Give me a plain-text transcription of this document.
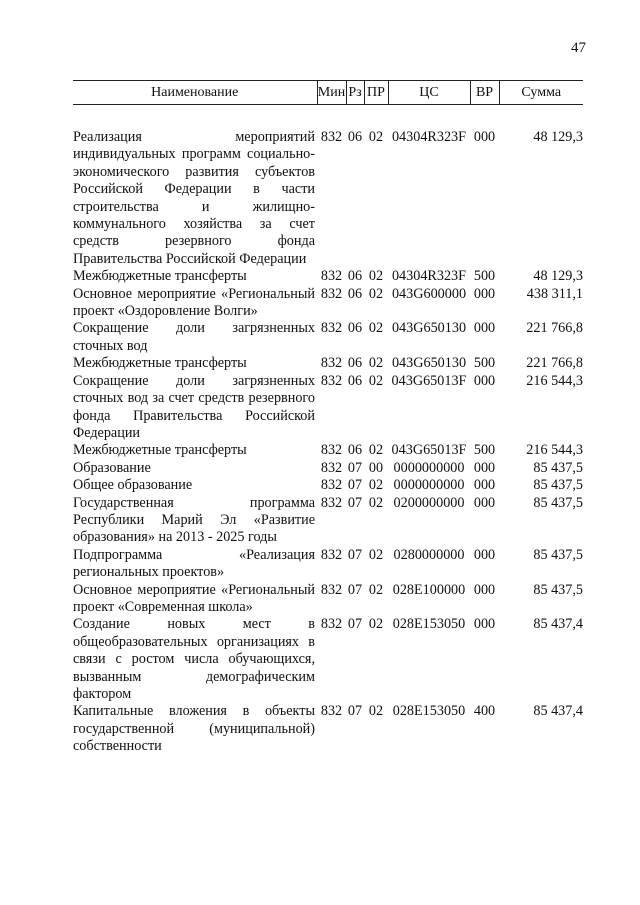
47
Наименование	Мин	Рз	ПР	ЦС	ВР	Сумма

Реализация мероприятий индивидуальных программ социально-экономического развития субъектов Российской Федерации в части строительства и жилищно-коммунального хозяйства за счет средств резервного фонда Правительства Российской Федерации	832	06	02	04304R323F	000	48 129,3
Межбюджетные трансферты	832	06	02	04304R323F	500	48 129,3
Основное мероприятие «Региональный проект «Оздоровление Волги»	832	06	02	043G600000	000	438 311,1
Сокращение доли загрязненных сточных вод	832	06	02	043G650130	000	221 766,8
Межбюджетные трансферты	832	06	02	043G650130	500	221 766,8
Сокращение доли загрязненных сточных вод за счет средств резервного фонда Правительства Российской Федерации	832	06	02	043G65013F	000	216 544,3
Межбюджетные трансферты	832	06	02	043G65013F	500	216 544,3
Образование	832	07	00	0000000000	000	85 437,5
Общее образование	832	07	02	0000000000	000	85 437,5
Государственная программа Республики Марий Эл «Развитие образования» на 2013 - 2025 годы	832	07	02	0200000000	000	85 437,5
Подпрограмма «Реализация региональных проектов»	832	07	02	0280000000	000	85 437,5
Основное мероприятие «Региональный проект «Современная школа»	832	07	02	028E100000	000	85 437,5
Создание новых мест в общеобразовательных организациях в связи с ростом числа обучающихся, вызванным демографическим фактором	832	07	02	028E153050	000	85 437,4
Капитальные вложения в объекты государственной (муниципальной) собственности	832	07	02	028E153050	400	85 437,4
